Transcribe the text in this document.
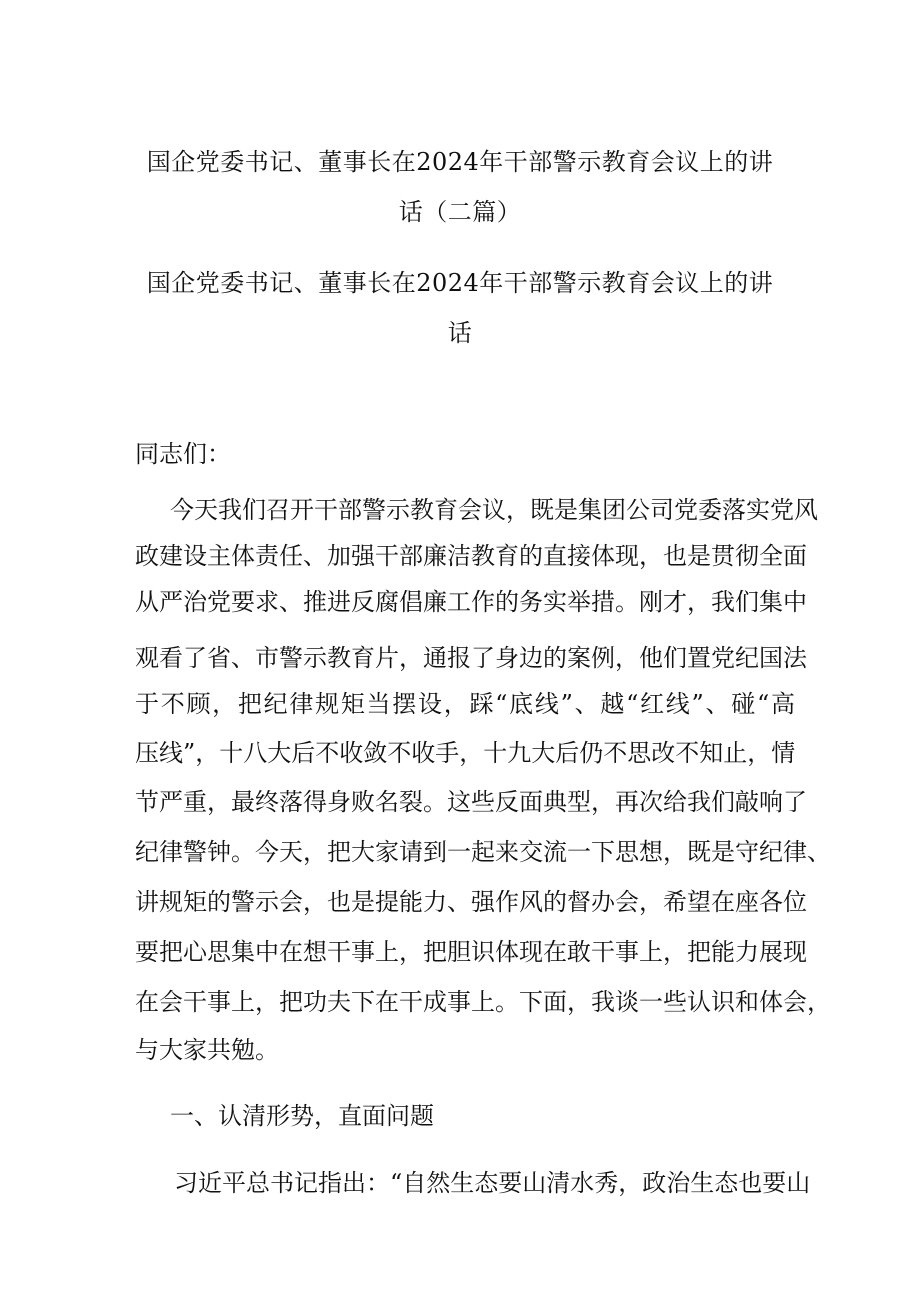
国企党委书记、董事长在2024年干部警示教育会议上的讲
话（二篇）
国企党委书记、董事长在2024年干部警示教育会议上的讲
话
同志们：
今天我们召开干部警示教育会议，既是集团公司党委落实党风
政建设主体责任、加强干部廉洁教育的直接体现，也是贯彻全面
从严治党要求、推进反腐倡廉工作的务实举措。刚才，我们集中
观看了省、市警示教育片，通报了身边的案例，他们置党纪国法
于不顾，把纪律规矩当摆设，踩“底线”、越“红线”、碰“高
压线”，十八大后不收敛不收手，十九大后仍不思改不知止，情
节严重，最终落得身败名裂。这些反面典型，再次给我们敲响了
纪律警钟。今天，把大家请到一起来交流一下思想，既是守纪律、
讲规矩的警示会，也是提能力、强作风的督办会，希望在座各位
要把心思集中在想干事上，把胆识体现在敢干事上，把能力展现
在会干事上，把功夫下在干成事上。下面，我谈一些认识和体会，
与大家共勉。
一、认清形势，直面问题
习近平总书记指出：“自然生态要山清水秀，政治生态也要山
